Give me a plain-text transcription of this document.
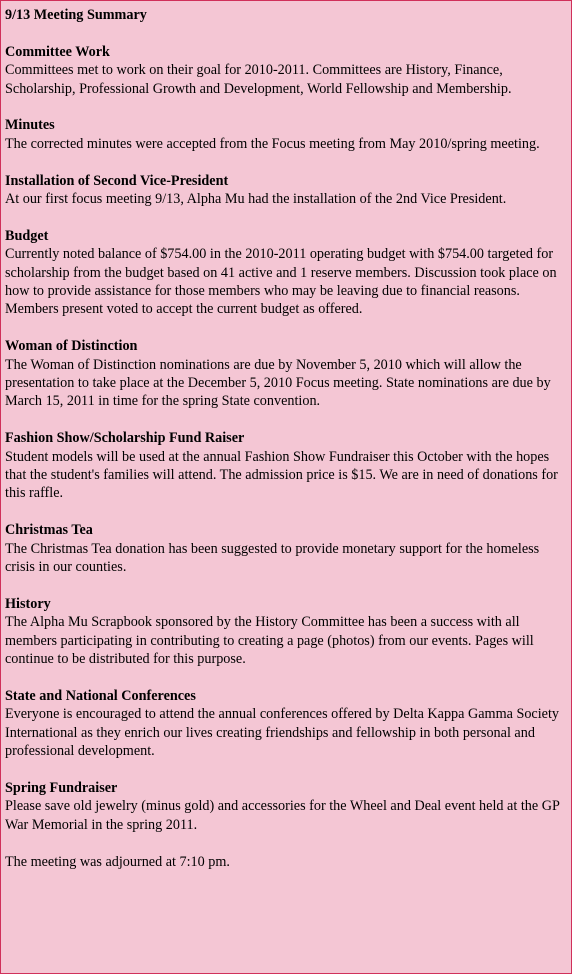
9/13 Meeting Summary
Committee Work
Committees met to work on their goal for 2010-2011. Committees are History, Finance, Scholarship, Professional Growth and Development, World Fellowship and Membership.
Minutes
The corrected minutes were accepted from the Focus meeting from May 2010/spring meeting.
Installation of Second Vice-President
At our first focus meeting 9/13, Alpha Mu had the installation of the 2nd Vice President.
Budget
Currently noted balance of $754.00 in the 2010-2011 operating budget with $754.00 targeted for scholarship from the budget based on 41 active and 1 reserve members. Discussion took place on how to provide assistance for those members who may be leaving due to financial reasons. Members present voted to accept the current budget as offered.
Woman of Distinction
The Woman of Distinction nominations are due by November 5, 2010 which will allow the presentation to take place at the December 5, 2010 Focus meeting. State nominations are due by March 15, 2011 in time for the spring State convention.
Fashion Show/Scholarship Fund Raiser
Student models will be used at the annual Fashion Show Fundraiser this October with the hopes that the student's families will attend. The admission price is $15. We are in need of donations for this raffle.
Christmas Tea
The Christmas Tea donation has been suggested to provide monetary support for the homeless crisis in our counties.
History
The Alpha Mu Scrapbook sponsored by the History Committee has been a success with all members participating in contributing to creating a page (photos) from our events. Pages will continue to be distributed for this purpose.
State and National Conferences
Everyone is encouraged to attend the annual conferences offered by Delta Kappa Gamma Society International as they enrich our lives creating friendships and fellowship in both personal and professional development.
Spring Fundraiser
Please save old jewelry (minus gold) and accessories for the Wheel and Deal event held at the GP War Memorial in the spring 2011.

The meeting was adjourned at 7:10 pm.
